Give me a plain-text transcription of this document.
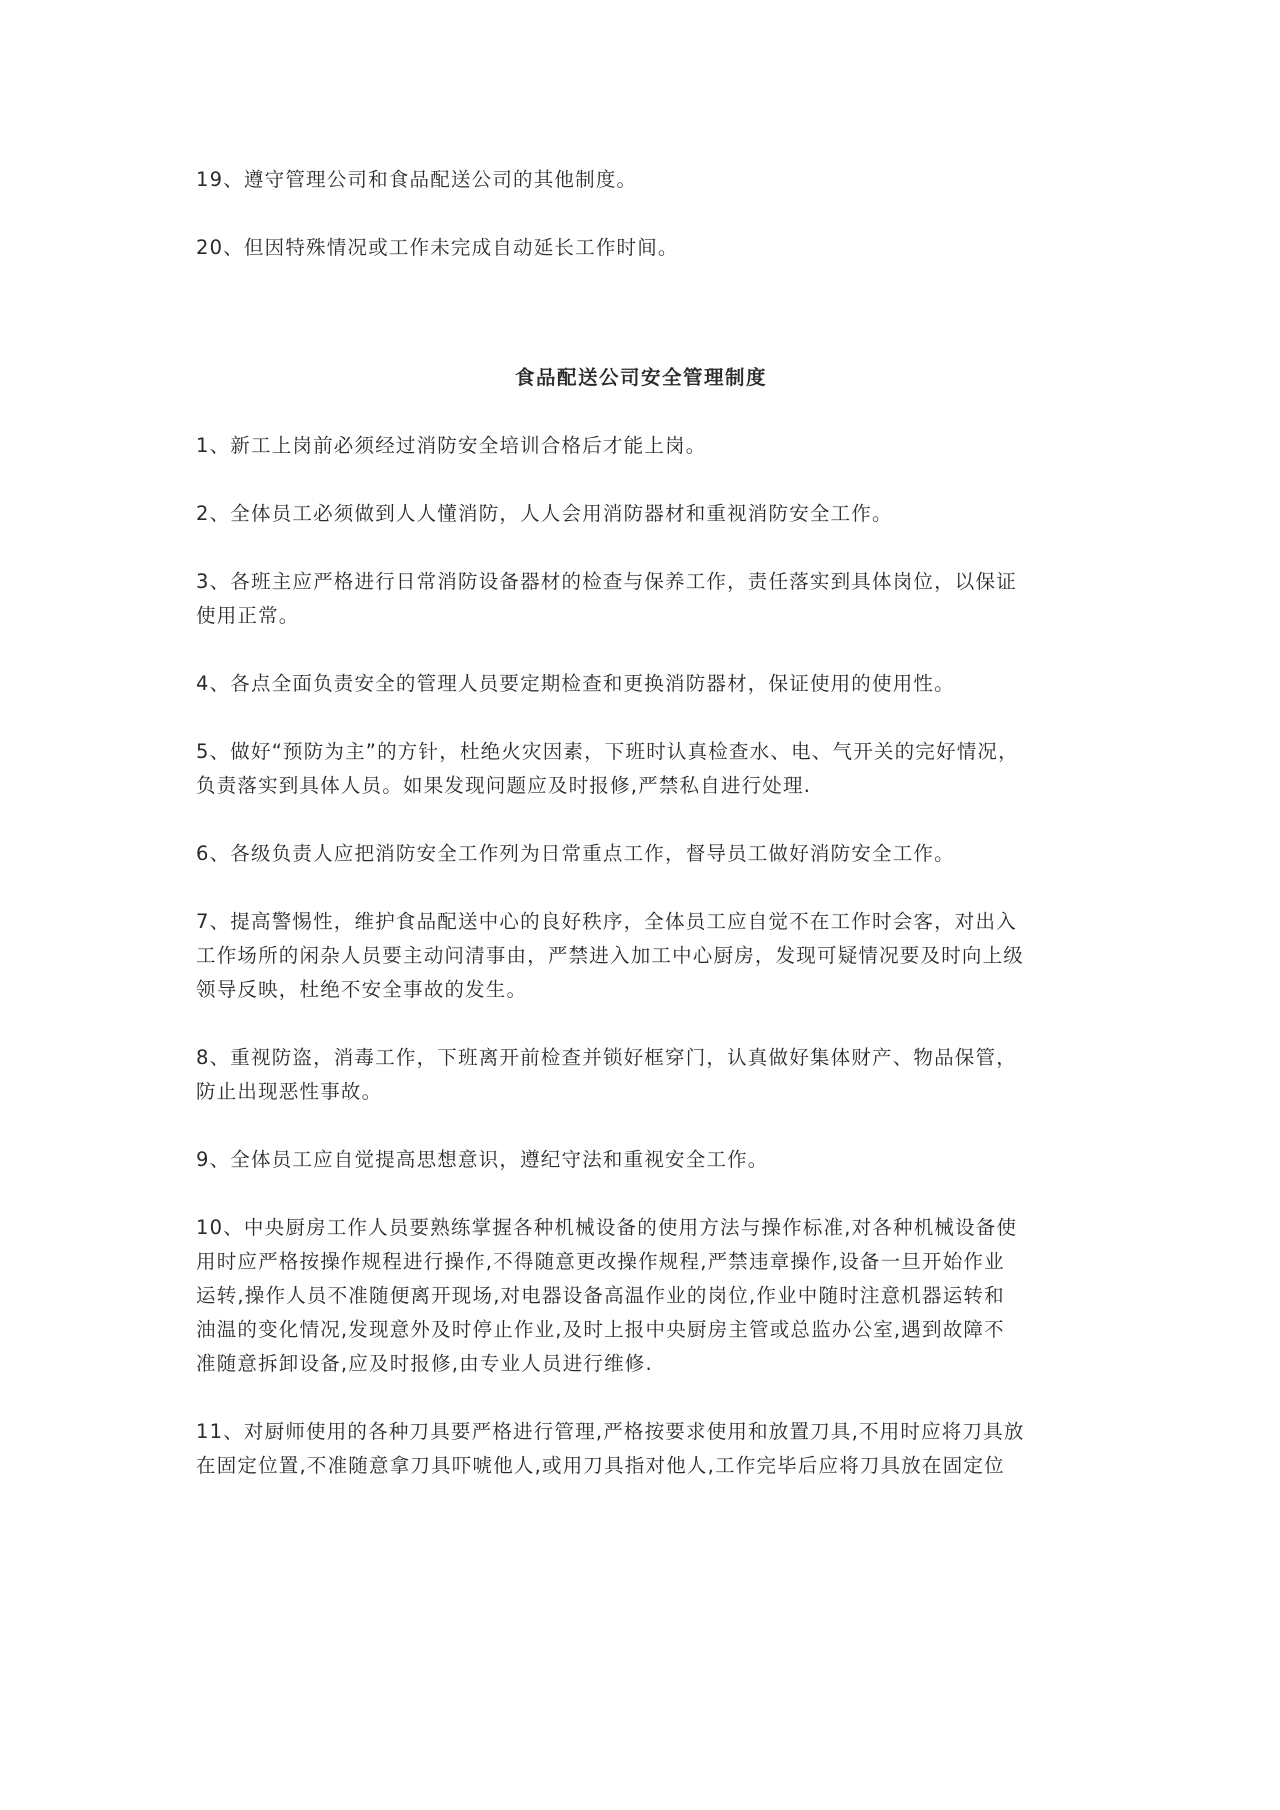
19、遵守管理公司和食品配送公司的其他制度。

20、但因特殊情况或工作未完成自动延长工作时间。

食品配送公司安全管理制度

1、新工上岗前必须经过消防安全培训合格后才能上岗。

2、全体员工必须做到人人懂消防，人人会用消防器材和重视消防安全工作。

3、各班主应严格进行日常消防设备器材的检查与保养工作，责任落实到具体岗位，以保证
使用正常。

4、各点全面负责安全的管理人员要定期检查和更换消防器材，保证使用的使用性。

5、做好“预防为主”的方针，杜绝火灾因素，下班时认真检查水、电、气开关的完好情况，
负责落实到具体人员。如果发现问题应及时报修,严禁私自进行处理.

6、各级负责人应把消防安全工作列为日常重点工作，督导员工做好消防安全工作。

7、提高警惕性，维护食品配送中心的良好秩序，全体员工应自觉不在工作时会客，对出入
工作场所的闲杂人员要主动问清事由，严禁进入加工中心厨房，发现可疑情况要及时向上级
领导反映，杜绝不安全事故的发生。

8、重视防盗，消毒工作，下班离开前检查并锁好框穿门，认真做好集体财产、物品保管，
防止出现恶性事故。

9、全体员工应自觉提高思想意识，遵纪守法和重视安全工作。

10、中央厨房工作人员要熟练掌握各种机械设备的使用方法与操作标准,对各种机械设备使
用时应严格按操作规程进行操作,不得随意更改操作规程,严禁违章操作,设备一旦开始作业
运转,操作人员不准随便离开现场,对电器设备高温作业的岗位,作业中随时注意机器运转和
油温的变化情况,发现意外及时停止作业,及时上报中央厨房主管或总监办公室,遇到故障不
准随意拆卸设备,应及时报修,由专业人员进行维修.

11、对厨师使用的各种刀具要严格进行管理,严格按要求使用和放置刀具,不用时应将刀具放
在固定位置,不准随意拿刀具吓唬他人,或用刀具指对他人,工作完毕后应将刀具放在固定位
